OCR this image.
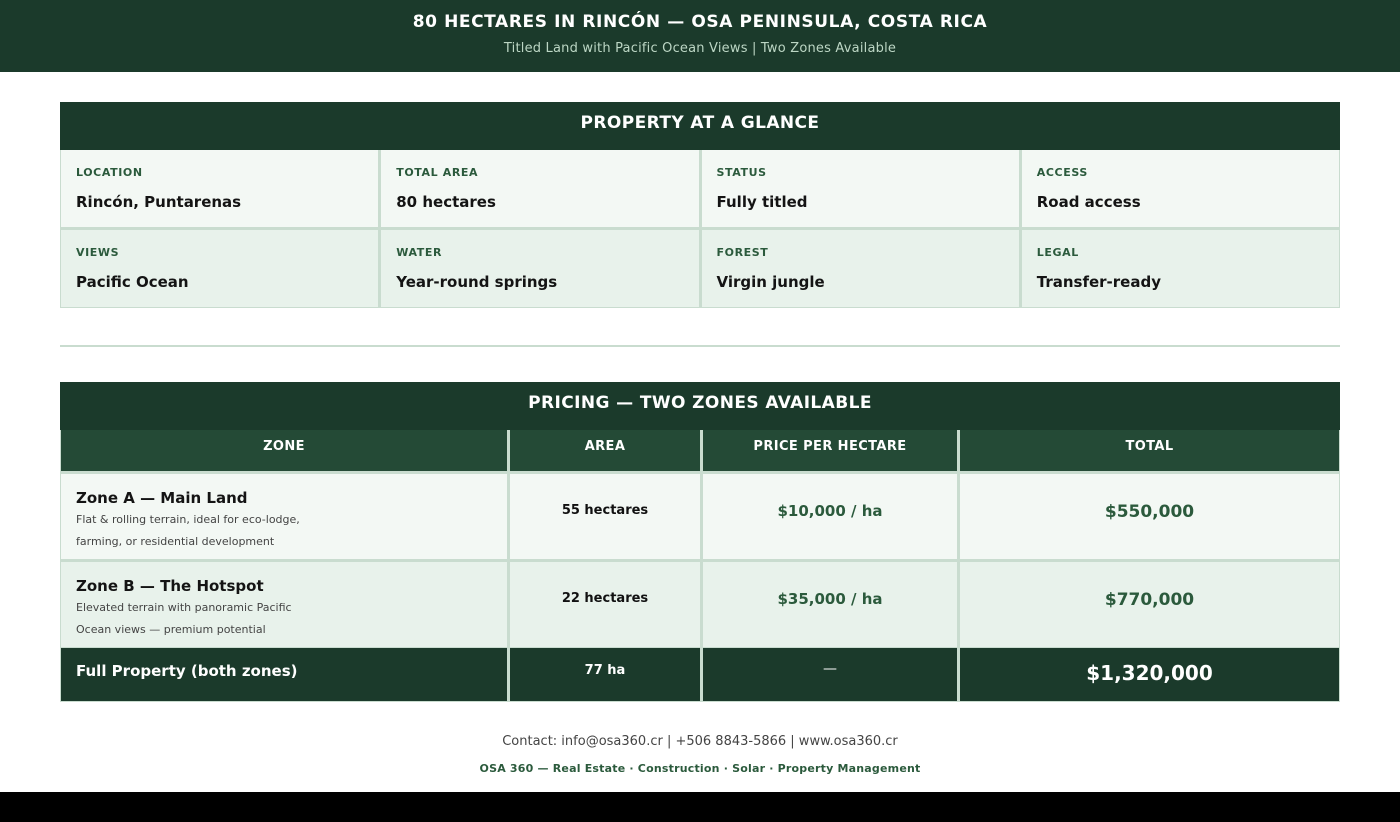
80 HECTARES IN RINCÓN — OSA PENINSULA, COSTA RICA
Titled Land with Pacific Ocean Views | Two Zones Available
PROPERTY AT A GLANCE
LOCATION
Rincón, Puntarenas
TOTAL AREA
80 hectares
STATUS
Fully titled
ACCESS
Road access
VIEWS
Pacific Ocean
WATER
Year-round springs
FOREST
Virgin jungle
LEGAL
Transfer-ready
PRICING — TWO ZONES AVAILABLE
ZONE	AREA	PRICE PER HECTARE	TOTAL
Zone A — Main Land
Flat & rolling terrain, ideal for eco-lodge, farming, or residential development
55 hectares	$10,000 / ha	$550,000
Zone B — The Hotspot
Elevated terrain with panoramic Pacific Ocean views — premium potential
22 hectares	$35,000 / ha	$770,000
Full Property (both zones)	77 ha	—	$1,320,000
Contact: info@osa360.cr | +506 8843-5866 | www.osa360.cr
OSA 360 — Real Estate · Construction · Solar · Property Management
